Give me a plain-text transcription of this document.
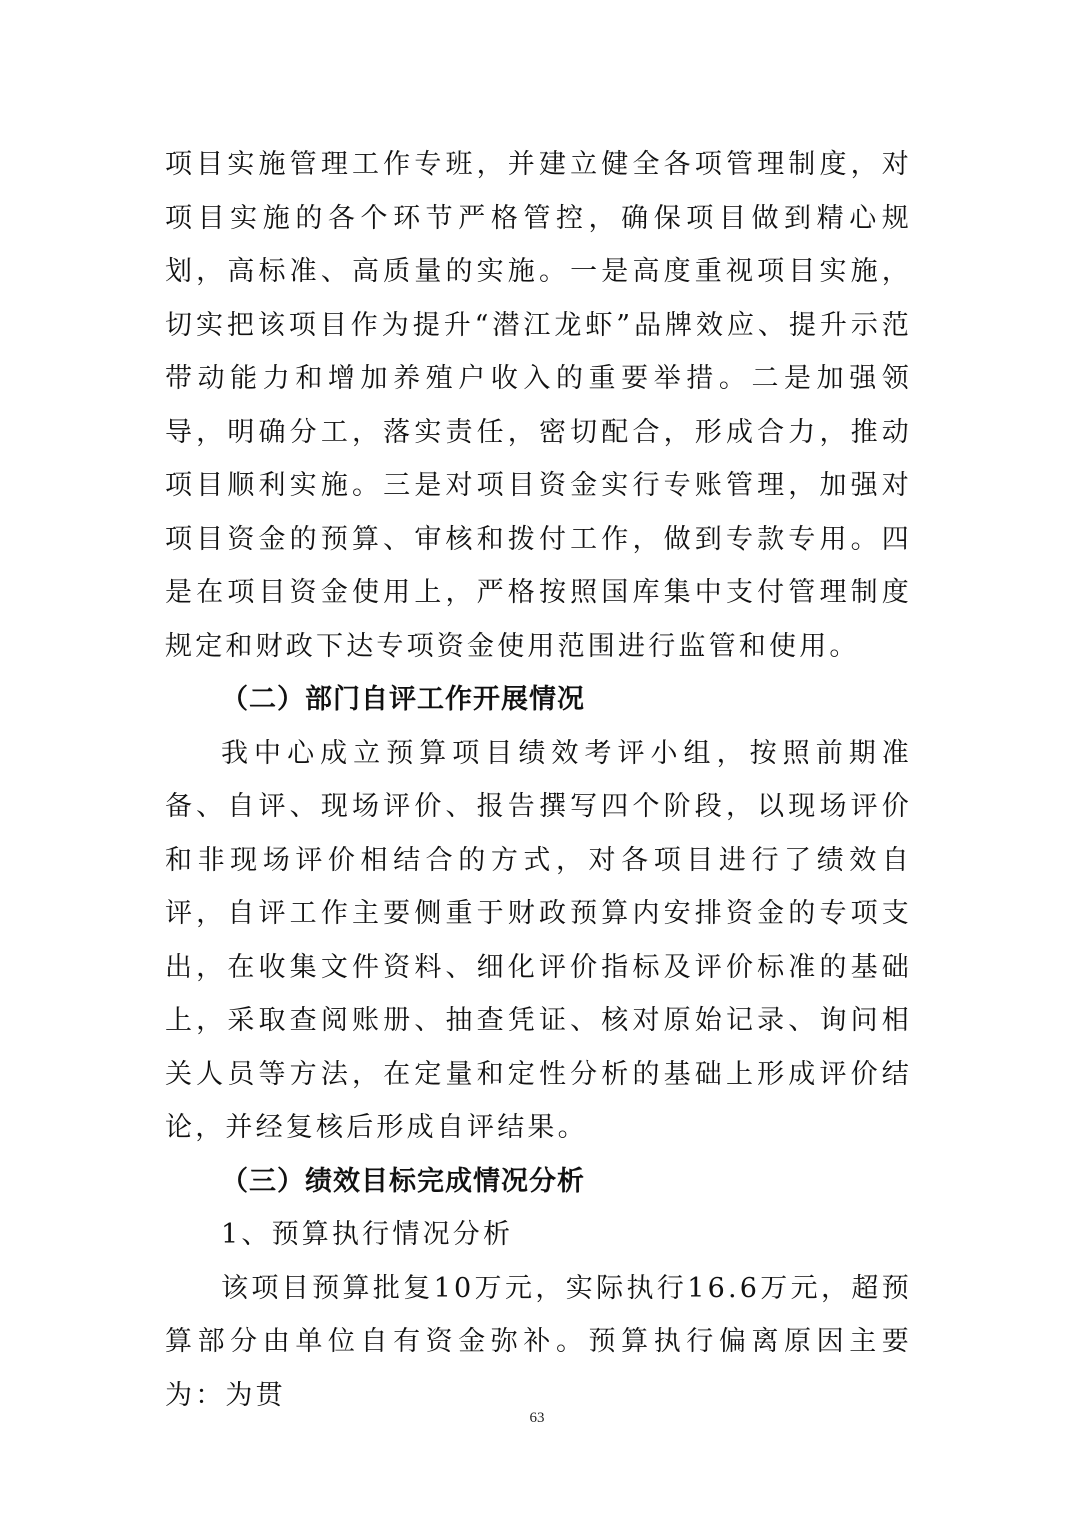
项目实施管理工作专班，并建立健全各项管理制度，对项目实施的各个环节严格管控，确保项目做到精心规划，高标准、高质量的实施。一是高度重视项目实施，切实把该项目作为提升“潜江龙虾”品牌效应、提升示范带动能力和增加养殖户收入的重要举措。二是加强领导，明确分工，落实责任，密切配合，形成合力，推动项目顺利实施。三是对项目资金实行专账管理，加强对项目资金的预算、审核和拨付工作，做到专款专用。四是在项目资金使用上，严格按照国库集中支付管理制度规定和财政下达专项资金使用范围进行监管和使用。

（二）部门自评工作开展情况

我中心成立预算项目绩效考评小组，按照前期准备、自评、现场评价、报告撰写四个阶段，以现场评价和非现场评价相结合的方式，对各项目进行了绩效自评，自评工作主要侧重于财政预算内安排资金的专项支出，在收集文件资料、细化评价指标及评价标准的基础上，采取查阅账册、抽查凭证、核对原始记录、询问相关人员等方法，在定量和定性分析的基础上形成评价结论，并经复核后形成自评结果。

（三）绩效目标完成情况分析

1、预算执行情况分析

该项目预算批复10万元，实际执行16.6万元，超预算部分由单位自有资金弥补。预算执行偏离原因主要为：为贯

63
